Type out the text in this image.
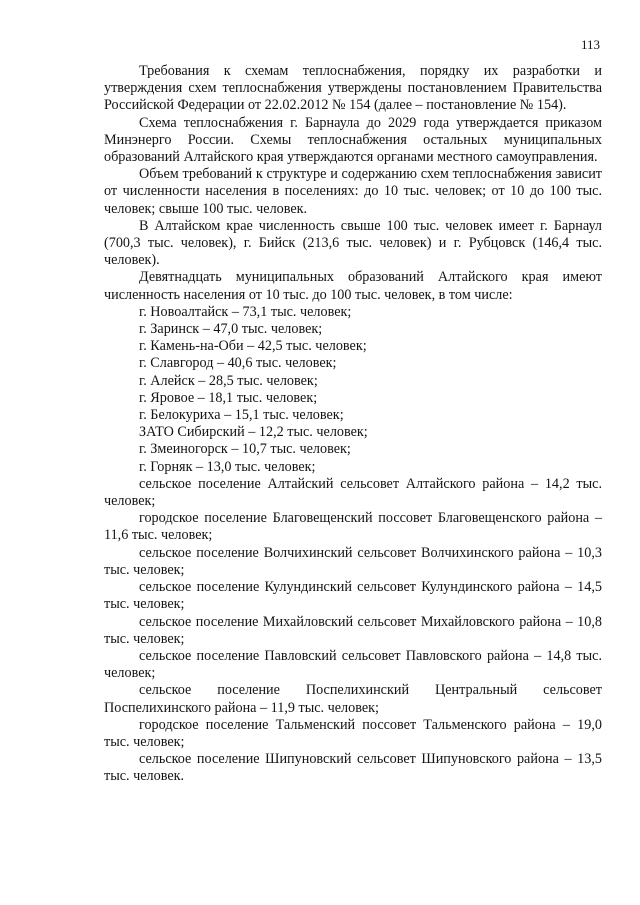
113

Требования к схемам теплоснабжения, порядку их разработки и утверждения схем теплоснабжения утверждены постановлением Правительства Российской Федерации от 22.02.2012 № 154 (далее – постановление № 154).

Схема теплоснабжения г. Барнаула до 2029 года утверждается приказом Минэнерго России. Схемы теплоснабжения остальных муниципальных образований Алтайского края утверждаются органами местного самоуправления.

Объем требований к структуре и содержанию схем теплоснабжения зависит от численности населения в поселениях: до 10 тыс. человек; от 10 до 100 тыс. человек; свыше 100 тыс. человек.

В Алтайском крае численность свыше 100 тыс. человек имеет г. Барнаул (700,3 тыс. человек), г. Бийск (213,6 тыс. человек) и г. Рубцовск (146,4 тыс. человек).

Девятнадцать муниципальных образований Алтайского края имеют численность населения от 10 тыс. до 100 тыс. человек, в том числе:

г. Новоалтайск – 73,1 тыс. человек;

г. Заринск – 47,0 тыс. человек;

г. Камень-на-Оби – 42,5 тыс. человек;

г. Славгород – 40,6 тыс. человек;

г. Алейск – 28,5 тыс. человек;

г. Яровое – 18,1 тыс. человек;

г. Белокуриха – 15,1 тыс. человек;

ЗАТО Сибирский – 12,2 тыс. человек;

г. Змеиногорск – 10,7 тыс. человек;

г. Горняк – 13,0 тыс. человек;

сельское поселение Алтайский сельсовет Алтайского района – 14,2 тыс. человек;

городское поселение Благовещенский поссовет Благовещенского района – 11,6 тыс. человек;

сельское поселение Волчихинский сельсовет Волчихинского района – 10,3 тыс. человек;

сельское поселение Кулундинский сельсовет Кулундинского района – 14,5 тыс. человек;

сельское поселение Михайловский сельсовет Михайловского района – 10,8 тыс. человек;

сельское поселение Павловский сельсовет Павловского района – 14,8 тыс. человек;

сельское поселение Поспелихинский Центральный сельсовет Поспелихинского района – 11,9 тыс. человек;

городское поселение Тальменский поссовет Тальменского района – 19,0 тыс. человек;

сельское поселение Шипуновский сельсовет Шипуновского района – 13,5 тыс. человек.
